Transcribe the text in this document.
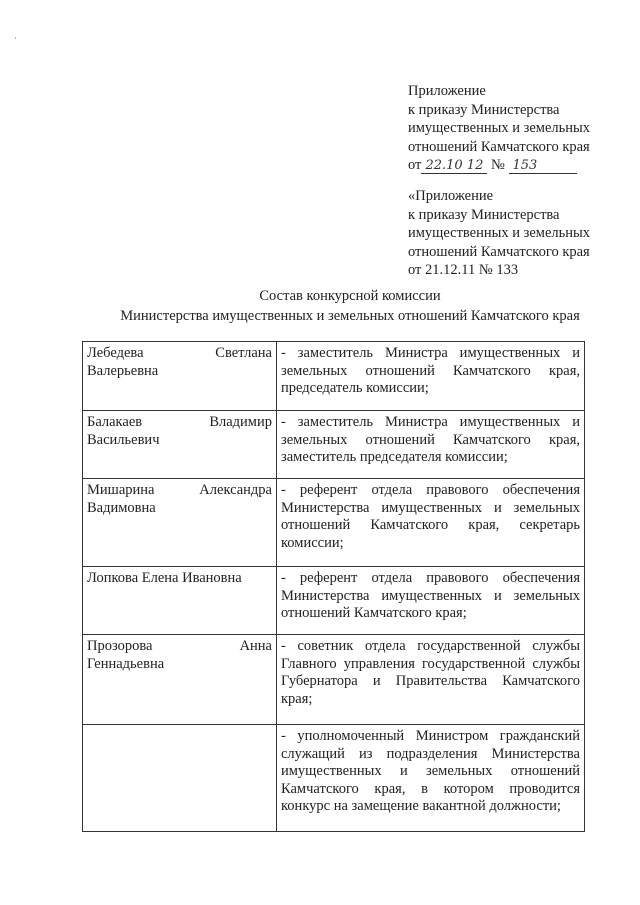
·
Приложение
к приказу Министерства
имущественных и земельных
отношений Камчатского края
от 22.10 12 № 153
«Приложение
к приказу Министерства
имущественных и земельных
отношений Камчатского края
от 21.12.11 № 133
Состав конкурсной комиссии
Министерства имущественных и земельных отношений Камчатского края
Лебедева Светлана
Валерьевна	- заместитель Министра имущественных и земельных отношений Камчатского края, председатель комиссии;

Балакаев Владимир
Васильевич	- заместитель Министра имущественных и земельных отношений Камчатского края, заместитель председателя комиссии;

Мишарина Александра
Вадимовна	- референт отдела правового обеспечения Министерства имущественных и земельных отношений Камчатского края, секретарь комиссии;

Лопкова Елена Ивановна	- референт отдела правового обеспечения Министерства имущественных и земельных отношений Камчатского края;

Прозорова Анна
Геннадьевна	- советник отдела государственной службы Главного управления государственной службы Губернатора и Правительства Камчатского края;

	- уполномоченный Министром гражданский служащий из подразделения Министерства имущественных и земельных отношений Камчатского края, в котором проводится конкурс на замещение вакантной должности;
